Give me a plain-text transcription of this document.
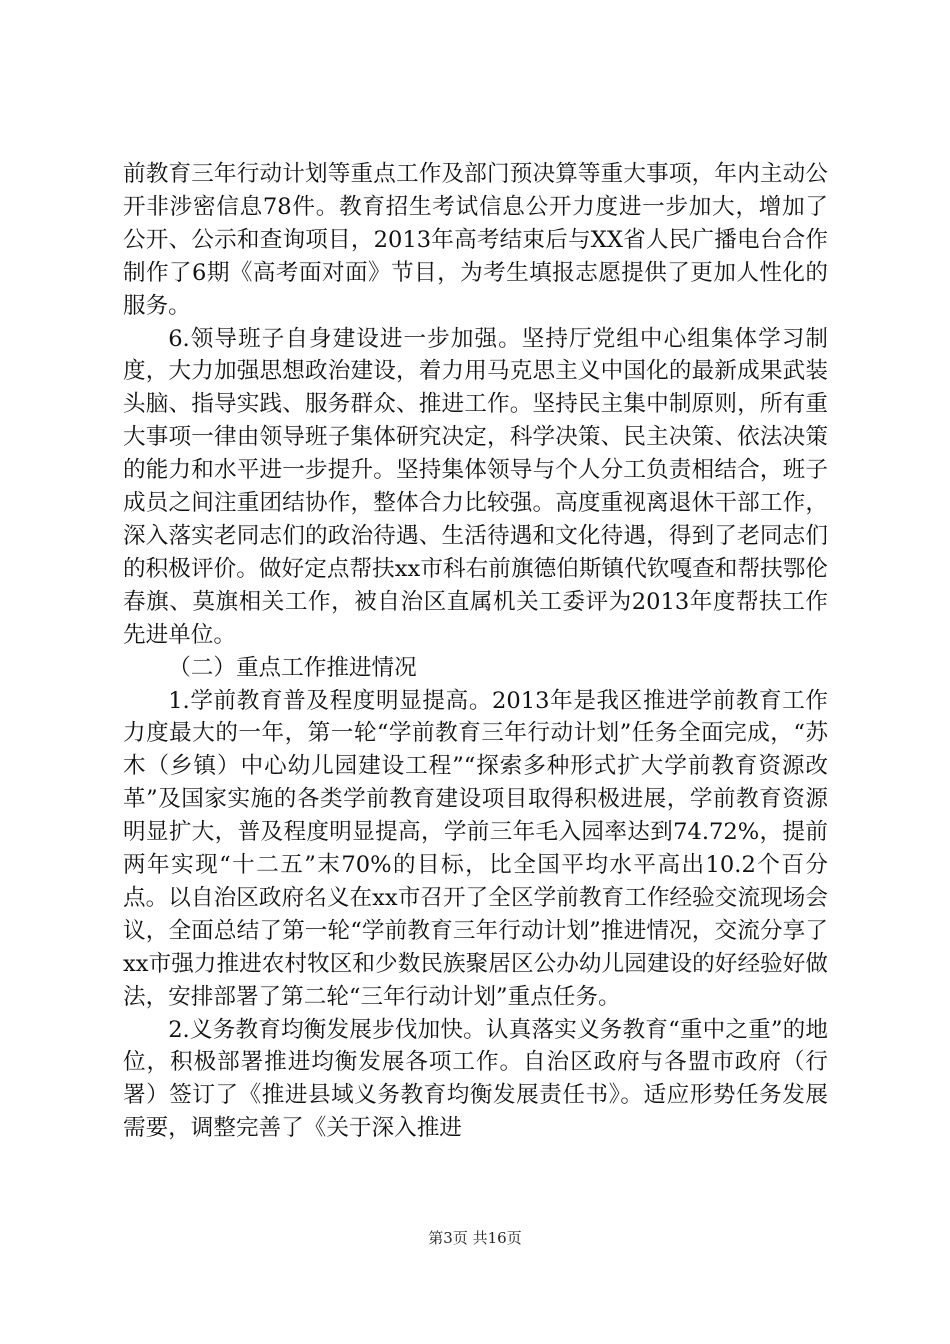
前教育三年行动计划等重点工作及部门预决算等重大事项，年内主动公开非涉密信息78件。教育招生考试信息公开力度进一步加大，增加了公开、公示和查询项目，2013年高考结束后与XX省人民广播电台合作制作了6期《高考面对面》节目，为考生填报志愿提供了更加人性化的服务。

6.领导班子自身建设进一步加强。坚持厅党组中心组集体学习制度，大力加强思想政治建设，着力用马克思主义中国化的最新成果武装头脑、指导实践、服务群众、推进工作。坚持民主集中制原则，所有重大事项一律由领导班子集体研究决定，科学决策、民主决策、依法决策的能力和水平进一步提升。坚持集体领导与个人分工负责相结合，班子成员之间注重团结协作，整体合力比较强。高度重视离退休干部工作，深入落实老同志们的政治待遇、生活待遇和文化待遇，得到了老同志们的积极评价。做好定点帮扶xx市科右前旗德伯斯镇代钦嘎查和帮扶鄂伦春旗、莫旗相关工作，被自治区直属机关工委评为2013年度帮扶工作先进单位。

（二）重点工作推进情况

1.学前教育普及程度明显提高。2013年是我区推进学前教育工作力度最大的一年，第一轮“学前教育三年行动计划”任务全面完成，“苏木（乡镇）中心幼儿园建设工程”“探索多种形式扩大学前教育资源改革”及国家实施的各类学前教育建设项目取得积极进展，学前教育资源明显扩大，普及程度明显提高，学前三年毛入园率达到74.72%，提前两年实现“十二五”末70%的目标，比全国平均水平高出10.2个百分点。以自治区政府名义在xx市召开了全区学前教育工作经验交流现场会议，全面总结了第一轮“学前教育三年行动计划”推进情况，交流分享了xx市强力推进农村牧区和少数民族聚居区公办幼儿园建设的好经验好做法，安排部署了第二轮“三年行动计划”重点任务。

2.义务教育均衡发展步伐加快。认真落实义务教育“重中之重”的地位，积极部署推进均衡发展各项工作。自治区政府与各盟市政府（行署）签订了《推进县域义务教育均衡发展责任书》。适应形势任务发展需要，调整完善了《关于深入推进

第3页 共16页
